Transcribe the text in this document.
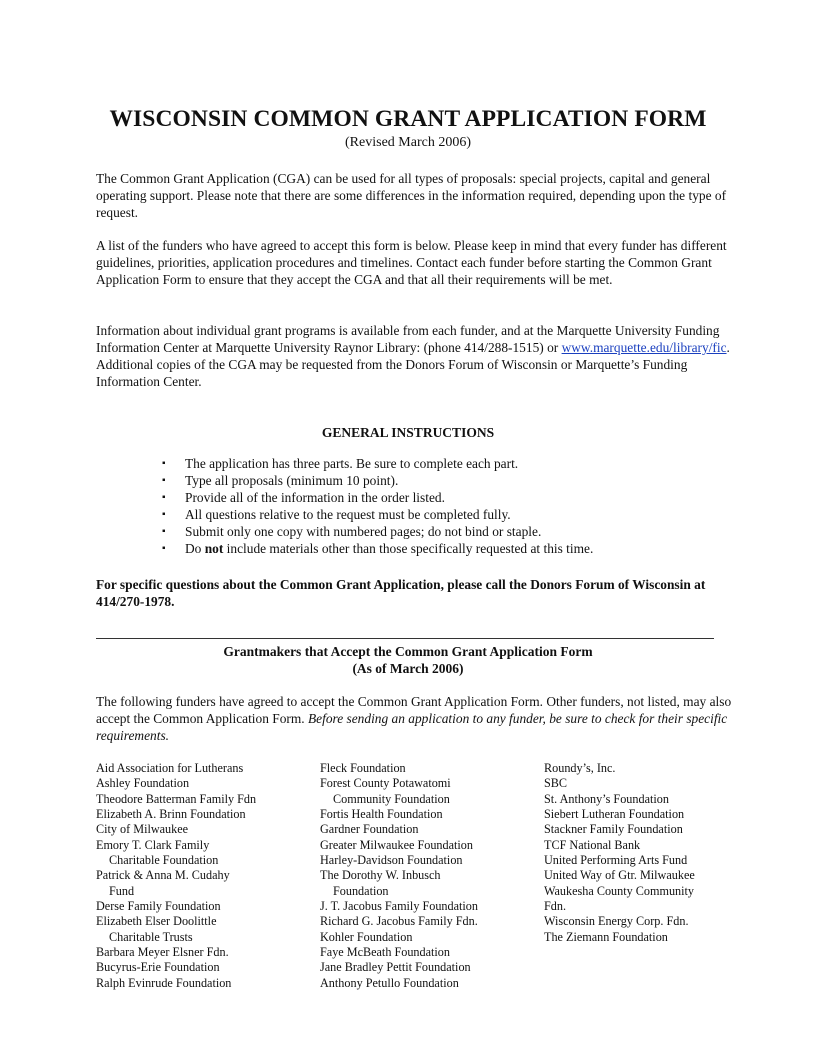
WISCONSIN COMMON GRANT APPLICATION FORM
(Revised March 2006)
The Common Grant Application (CGA) can be used for all types of proposals: special projects, capital and general operating support. Please note that there are some differences in the information required, depending upon the type of request.
A list of the funders who have agreed to accept this form is below. Please keep in mind that every funder has different guidelines, priorities, application procedures and timelines. Contact each funder before starting the Common Grant Application Form to ensure that they accept the CGA and that all their requirements will be met.
Information about individual grant programs is available from each funder, and at the Marquette University Funding Information Center at Marquette University Raynor Library: (phone 414/288-1515) or www.marquette.edu/library/fic. Additional copies of the CGA may be requested from the Donors Forum of Wisconsin or Marquette’s Funding Information Center.
GENERAL INSTRUCTIONS
▪ The application has three parts. Be sure to complete each part.
▪ Type all proposals (minimum 10 point).
▪ Provide all of the information in the order listed.
▪ All questions relative to the request must be completed fully.
▪ Submit only one copy with numbered pages; do not bind or staple.
▪ Do not include materials other than those specifically requested at this time.
For specific questions about the Common Grant Application, please call the Donors Forum of Wisconsin at 414/270-1978.
Grantmakers that Accept the Common Grant Application Form
(As of March 2006)
The following funders have agreed to accept the Common Grant Application Form. Other funders, not listed, may also accept the Common Application Form. Before sending an application to any funder, be sure to check for their specific requirements.
Aid Association for Lutherans
Ashley Foundation
Theodore Batterman Family Fdn
Elizabeth A. Brinn Foundation
City of Milwaukee
Emory T. Clark Family
Charitable Foundation
Patrick & Anna M. Cudahy
Fund
Derse Family Foundation
Elizabeth Elser Doolittle
Charitable Trusts
Barbara Meyer Elsner Fdn.
Bucyrus-Erie Foundation
Ralph Evinrude Foundation
Fleck Foundation
Forest County Potawatomi
Community Foundation
Fortis Health Foundation
Gardner Foundation
Greater Milwaukee Foundation
Harley-Davidson Foundation
The Dorothy W. Inbusch
Foundation
J. T. Jacobus Family Foundation
Richard G. Jacobus Family Fdn.
Kohler Foundation
Faye McBeath Foundation
Jane Bradley Pettit Foundation
Anthony Petullo Foundation
Roundy’s, Inc.
SBC
St. Anthony’s Foundation
Siebert Lutheran Foundation
Stackner Family Foundation
TCF National Bank
United Performing Arts Fund
United Way of Gtr. Milwaukee
Waukesha County Community
Fdn.
Wisconsin Energy Corp. Fdn.
The Ziemann Foundation
